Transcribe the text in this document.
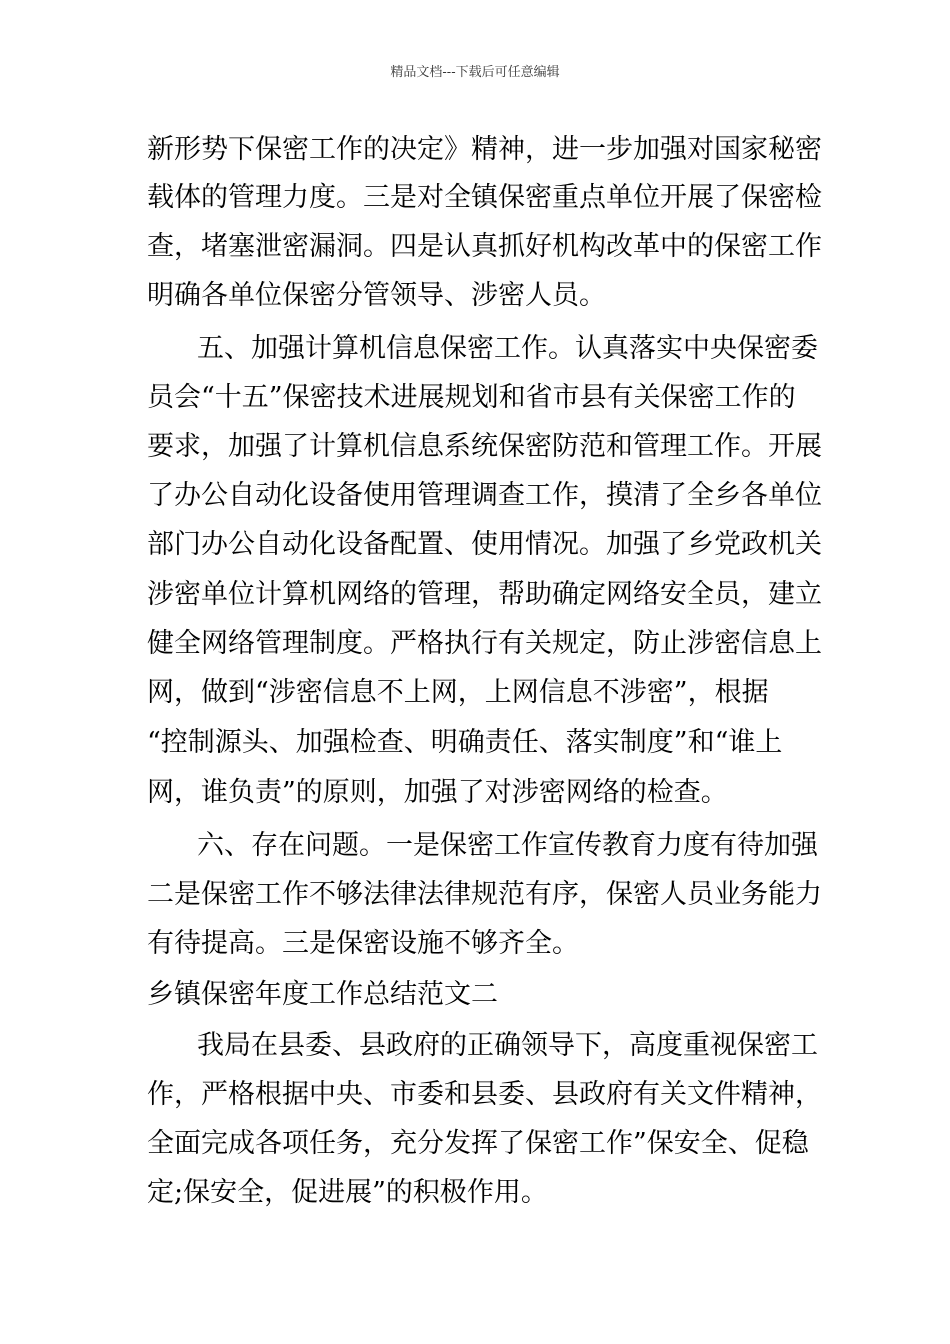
精品文档---下载后可任意编辑
新形势下保密工作的决定》精神，进一步加强对国家秘密
载体的管理力度。三是对全镇保密重点单位开展了保密检
查，堵塞泄密漏洞。四是认真抓好机构改革中的保密工作
明确各单位保密分管领导、涉密人员。
五、加强计算机信息保密工作。认真落实中央保密委
员会“十五”保密技术进展规划和省市县有关保密工作的
要求，加强了计算机信息系统保密防范和管理工作。开展
了办公自动化设备使用管理调查工作，摸清了全乡各单位
部门办公自动化设备配置、使用情况。加强了乡党政机关
涉密单位计算机网络的管理，帮助确定网络安全员，建立
健全网络管理制度。严格执行有关规定，防止涉密信息上
网，做到“涉密信息不上网，上网信息不涉密”，根据
“控制源头、加强检查、明确责任、落实制度”和“谁上
网，谁负责”的原则，加强了对涉密网络的检查。
六、存在问题。一是保密工作宣传教育力度有待加强
二是保密工作不够法律法律规范有序，保密人员业务能力
有待提高。三是保密设施不够齐全。
乡镇保密年度工作总结范文二
我局在县委、县政府的正确领导下，高度重视保密工
作，严格根据中央、市委和县委、县政府有关文件精神，
全面完成各项任务，充分发挥了保密工作”保安全、促稳
定;保安全，促进展”的积极作用。
